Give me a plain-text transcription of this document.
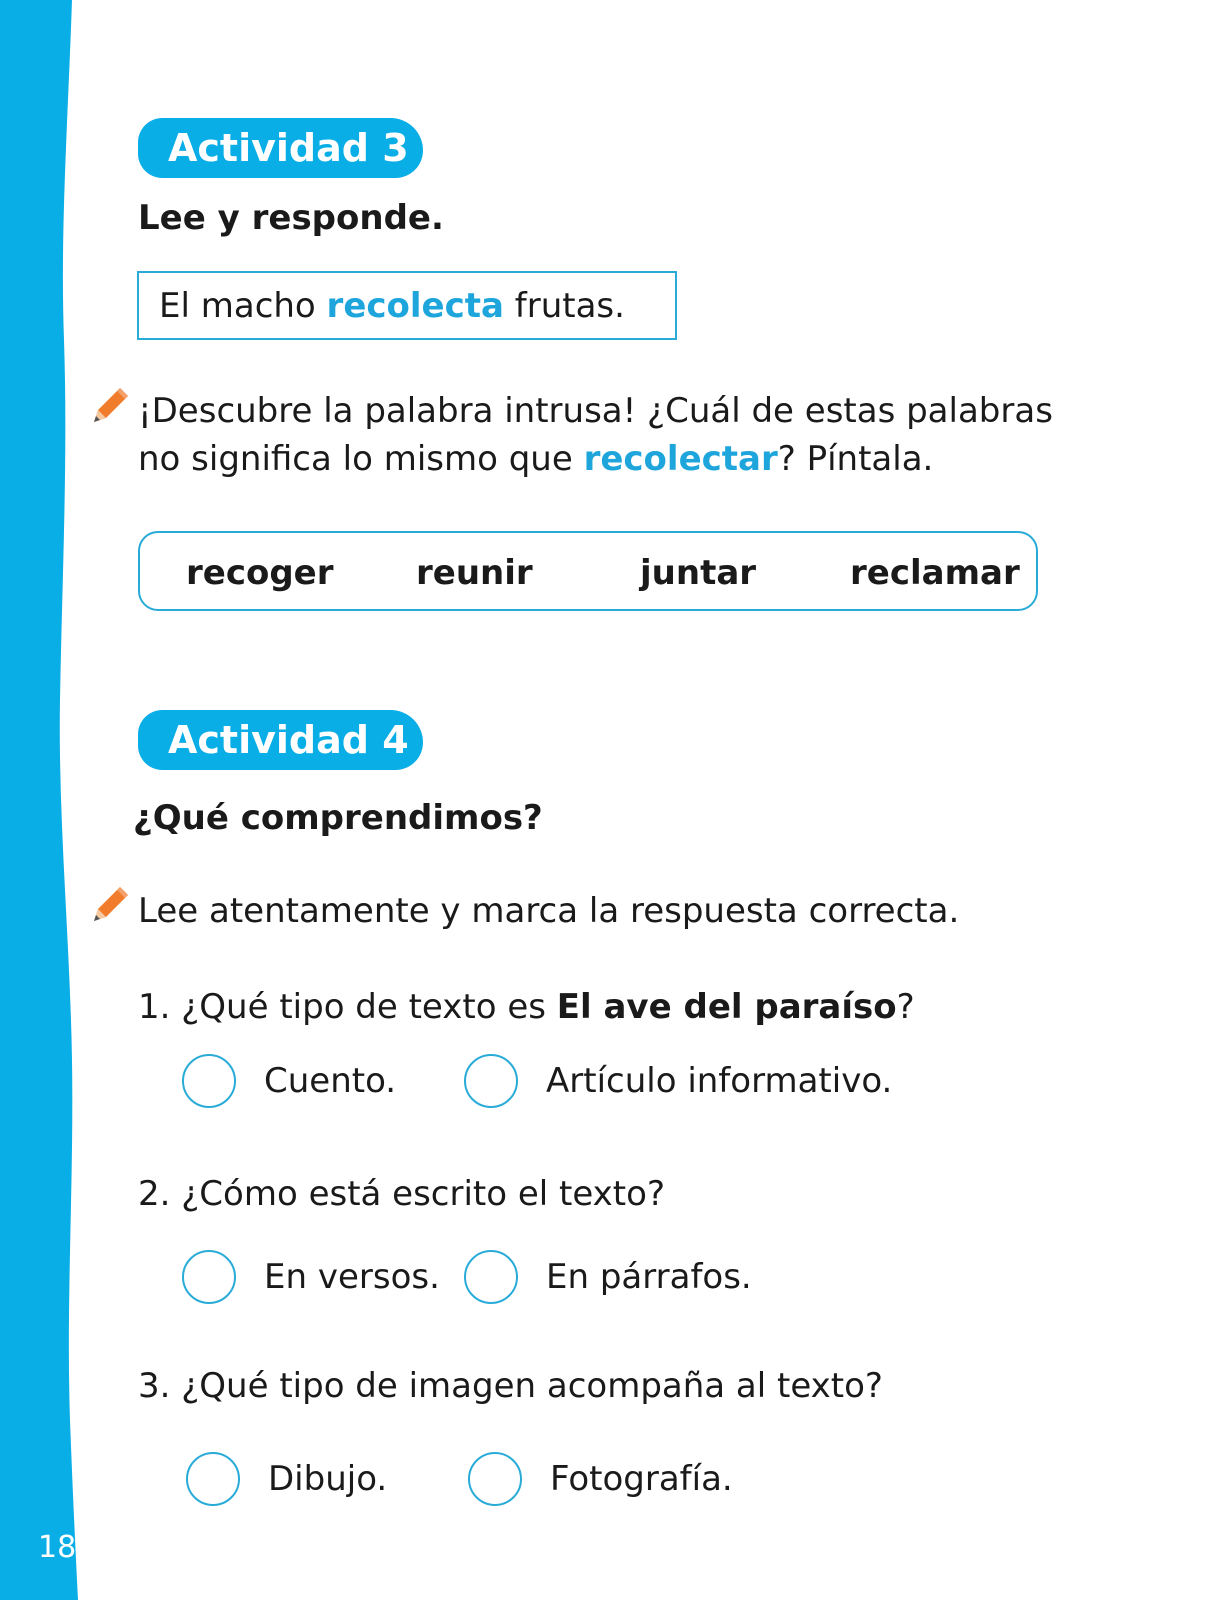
18
Actividad 3
Lee y responde.
El macho recolecta frutas.
¡Descubre la palabra intrusa! ¿Cuál de estas palabras no significa lo mismo que recolectar? Píntala.
recoger reunir	juntar	reclamar
Actividad 4
¿Qué comprendimos?
Lee atentamente y marca la respuesta correcta.
1. ¿Qué tipo de texto es El ave del paraíso?
Cuento.	Artículo informativo.
2. ¿Cómo está escrito el texto?
En versos.	En párrafos.
3. ¿Qué tipo de imagen acompaña al texto?
Dibujo.	Fotografía.
